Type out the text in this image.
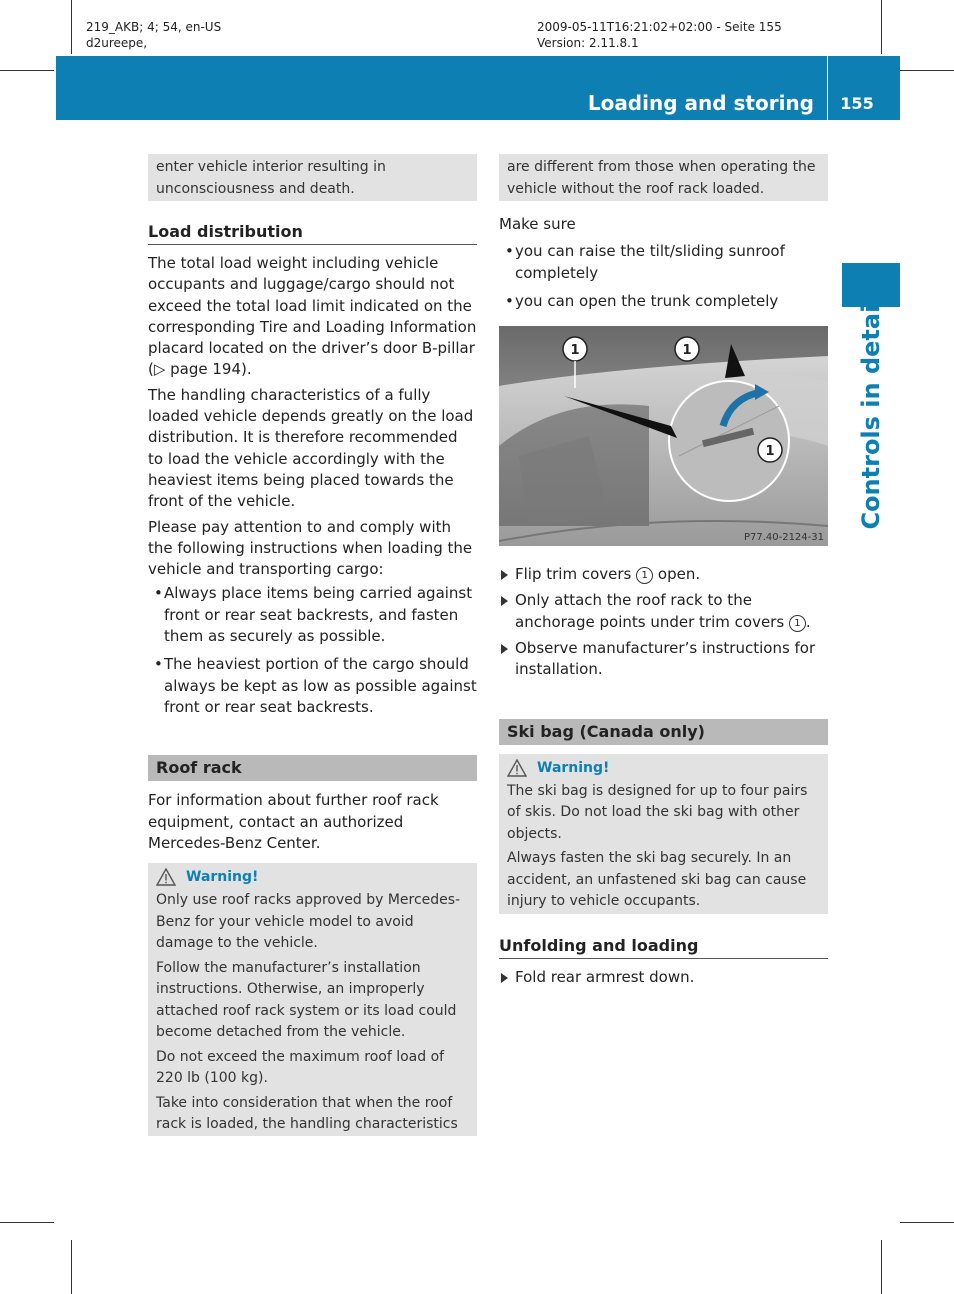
219_AKB; 4; 54, en-US
d2ureepe,
2009-05-11T16:21:02+02:00 - Seite 155
Version: 2.11.8.1
Loading and storing	155
Controls in detail

enter vehicle interior resulting in unconsciousness and death.

Load distribution

The total load weight including vehicle occupants and luggage/cargo should not exceed the total load limit indicated on the corresponding Tire and Loading Information placard located on the driver’s door B-pillar (▷ page 194).

The handling characteristics of a fully loaded vehicle depends greatly on the load distribution. It is therefore recommended to load the vehicle accordingly with the heaviest items being placed towards the front of the vehicle.

Please pay attention to and comply with the following instructions when loading the vehicle and transporting cargo:

• Always place items being carried against front or rear seat backrests, and fasten them as securely as possible.
• The heaviest portion of the cargo should always be kept as low as possible against front or rear seat backrests.
Roof rack

For information about further roof rack equipment, contact an authorized Mercedes-Benz Center.

Warning!

Only use roof racks approved by Mercedes-Benz for your vehicle model to avoid damage to the vehicle.

Follow the manufacturer’s installation instructions. Otherwise, an improperly attached roof rack system or its load could become detached from the vehicle.

Do not exceed the maximum roof load of 220 lb (100 kg).

Take into consideration that when the roof rack is loaded, the handling characteristics

are different from those when operating the vehicle without the roof rack loaded.

Make sure

• you can raise the tilt/sliding sunroof completely
• you can open the trunk completely
1	1
1
P77.40-2124-31
Flip trim covers 1 open.
Only attach the roof rack to the anchorage points under trim covers 1 .
Observe manufacturer’s instructions for installation.
Ski bag (Canada only)
Warning!

The ski bag is designed for up to four pairs of skis. Do not load the ski bag with other objects.

Always fasten the ski bag securely. In an accident, an unfastened ski bag can cause injury to vehicle occupants.

Unfolding and loading
Fold rear armrest down.
